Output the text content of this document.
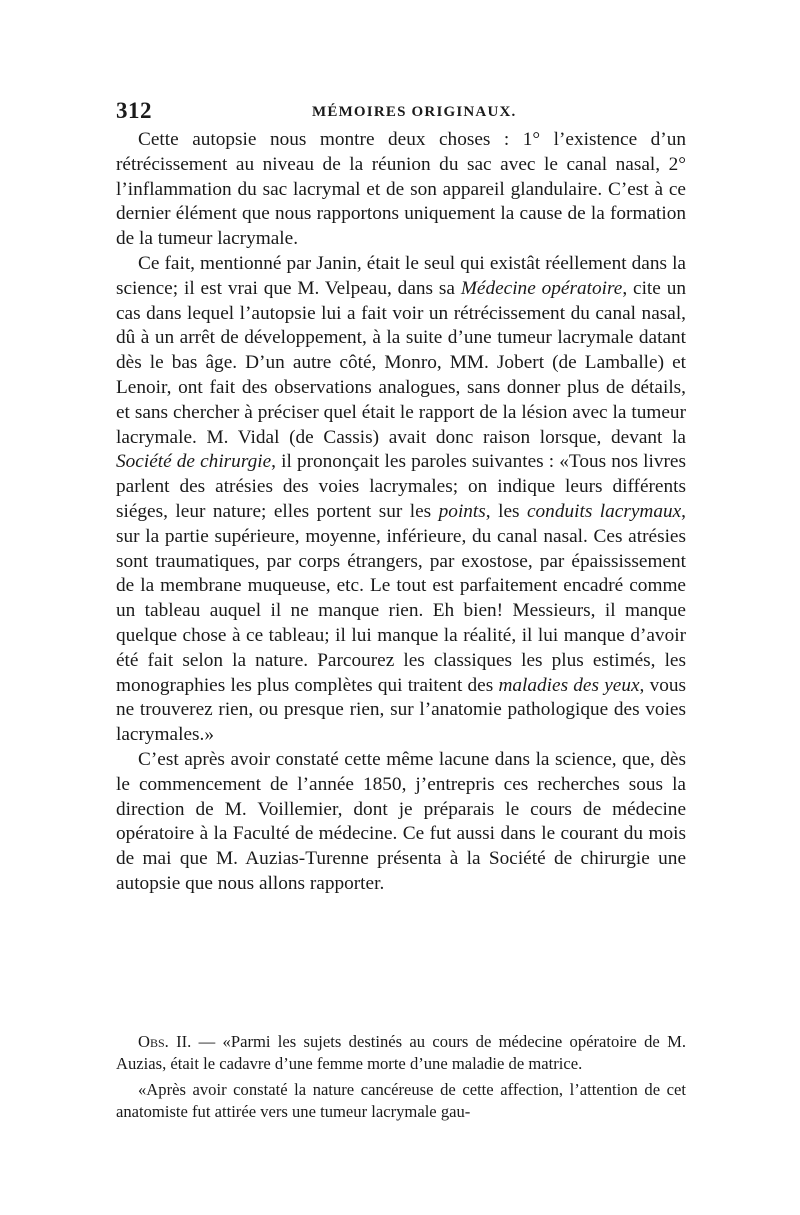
312	MÉMOIRES ORIGINAUX.

Cette autopsie nous montre deux choses : 1° l’existence d’un rétrécissement au niveau de la réunion du sac avec le canal nasal, 2° l’inflammation du sac lacrymal et de son appareil glandulaire. C’est à ce dernier élément que nous rapportons uniquement la cause de la formation de la tumeur lacrymale.

Ce fait, mentionné par Janin, était le seul qui existât réellement dans la science; il est vrai que M. Velpeau, dans sa Médecine opératoire, cite un cas dans lequel l’autopsie lui a fait voir un rétrécissement du canal nasal, dû à un arrêt de développement, à la suite d’une tumeur lacrymale datant dès le bas âge. D’un autre côté, Monro, MM. Jobert (de Lamballe) et Lenoir, ont fait des observations analogues, sans donner plus de détails, et sans chercher à préciser quel était le rapport de la lésion avec la tumeur lacrymale. M. Vidal (de Cassis) avait donc raison lorsque, devant la Société de chirurgie, il prononçait les paroles suivantes : «Tous nos livres parlent des atrésies des voies lacrymales; on indique leurs différents siéges, leur nature; elles portent sur les points, les conduits lacrymaux, sur la partie supérieure, moyenne, inférieure, du canal nasal. Ces atrésies sont traumatiques, par corps étrangers, par exostose, par épaississement de la membrane muqueuse, etc. Le tout est parfaitement encadré comme un tableau auquel il ne manque rien. Eh bien! Messieurs, il manque quelque chose à ce tableau; il lui manque la réalité, il lui manque d’avoir été fait selon la nature. Parcourez les classiques les plus estimés, les monographies les plus complètes qui traitent des maladies des yeux, vous ne trouverez rien, ou presque rien, sur l’anatomie pathologique des voies lacrymales.»

C’est après avoir constaté cette même lacune dans la science, que, dès le commencement de l’année 1850, j’entrepris ces recherches sous la direction de M. Voillemier, dont je préparais le cours de médecine opératoire à la Faculté de médecine. Ce fut aussi dans le courant du mois de mai que M. Auzias-Turenne présenta à la Société de chirurgie une autopsie que nous allons rapporter.

Obs. II. — «Parmi les sujets destinés au cours de médecine opératoire de M. Auzias, était le cadavre d’une femme morte d’une maladie de matrice.

«Après avoir constaté la nature cancéreuse de cette affection, l’attention de cet anatomiste fut attirée vers une tumeur lacrymale gau-
